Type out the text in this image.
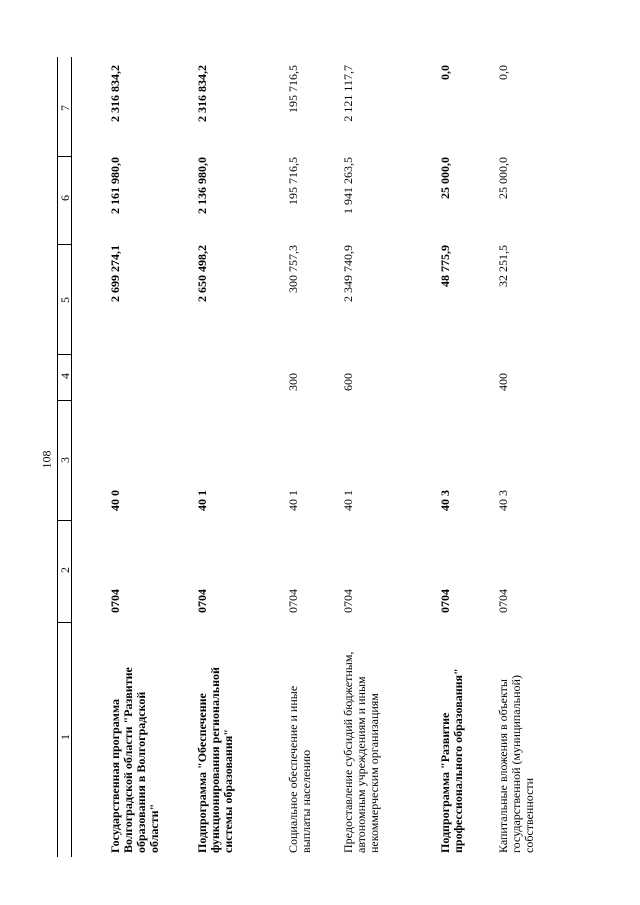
108
1
2
3
4
5
6
7
Государственная программа Волгоградской области "Развитие образования в Волгоградской области"
0704
40 0
2 699 274,1
2 161 980,0
2 316 834,2
Подпрограмма "Обеспечение функционирования региональной системы образования"
0704
40 1
2 650 498,2
2 136 980,0
2 316 834,2
Социальное обеспечение и иные выплаты населению
0704
40 1
300
300 757,3
195 716,5
195 716,5
Предоставление субсидий бюджетным, автономным учреждениям и иным некоммерческим организациям
0704
40 1
600
2 349 740,9
1 941 263,5
2 121 117,7
Подпрограмма "Развитие профессионального образования"
0704
40 3
48 775,9
25 000,0
0,0
Капитальные вложения в объекты государственной (муниципальной) собственности
0704
40 3
400
32 251,5
25 000,0
0,0
